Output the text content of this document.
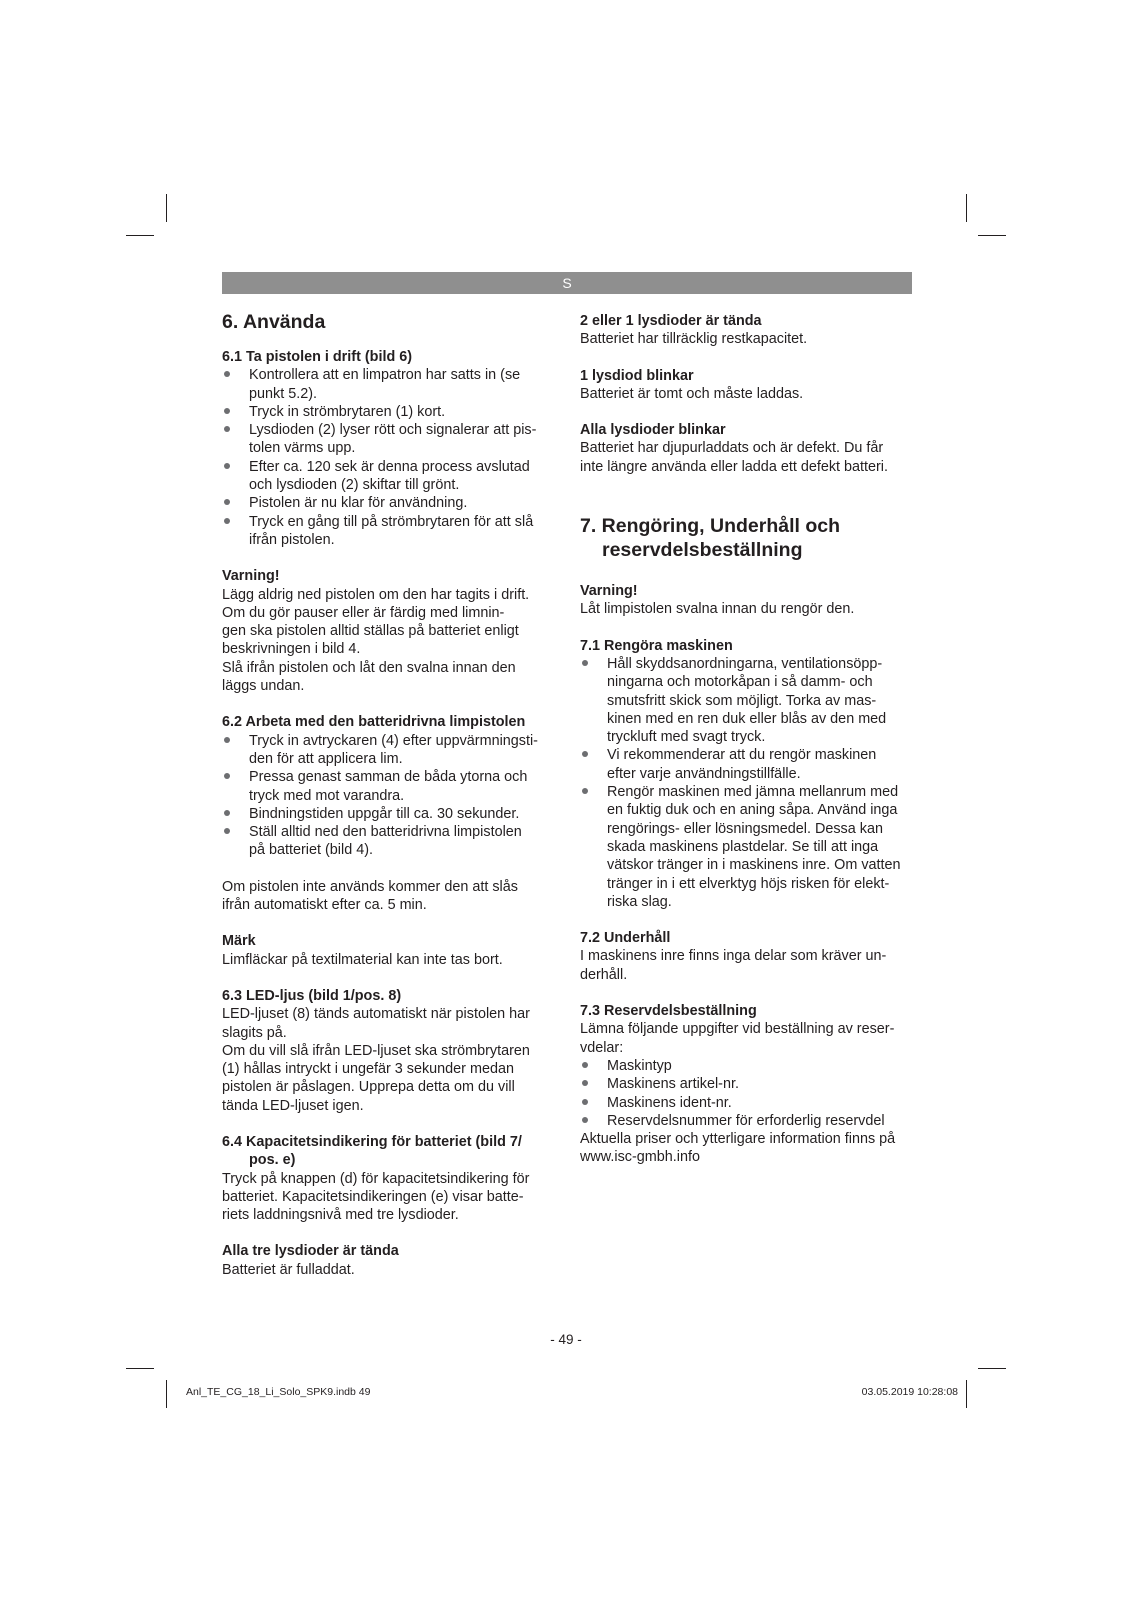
S
6. Använda
6.1 Ta pistolen i drift (bild 6)
Kontrollera att en limpatron har satts in (se
punkt 5.2).
Tryck in strömbrytaren (1) kort.
Lysdioden (2) lyser rött och signalerar att pis-
tolen värms upp.
Efter ca. 120 sek är denna process avslutad
och lysdioden (2) skiftar till grönt.
Pistolen är nu klar för användning.
Tryck en gång till på strömbrytaren för att slå
ifrån pistolen.
Varning!

Lägg aldrig ned pistolen om den har tagits i drift.
Om du gör pauser eller är färdig med limnin-
gen ska pistolen alltid ställas på batteriet enligt
beskrivningen i bild 4.
Slå ifrån pistolen och låt den svalna innan den
läggs undan.

6.2 Arbeta med den batteridrivna limpistolen
Tryck in avtryckaren (4) efter uppvärmningsti-
den för att applicera lim.
Pressa genast samman de båda ytorna och
tryck med mot varandra.
Bindningstiden uppgår till ca. 30 sekunder.
Ställ alltid ned den batteridrivna limpistolen
på batteriet (bild 4).

Om pistolen inte används kommer den att slås
ifrån automatiskt efter ca. 5 min.

Märk

Limfläckar på textilmaterial kan inte tas bort.

6.3 LED-ljus (bild 1/pos. 8)

LED-ljuset (8) tänds automatiskt när pistolen har
slagits på.
Om du vill slå ifrån LED-ljuset ska strömbrytaren
(1) hållas intryckt i ungefär 3 sekunder medan
pistolen är påslagen. Upprepa detta om du vill
tända LED-ljuset igen.

6.4 Kapacitetsindikering för batteriet (bild 7/
pos. e)

Tryck på knappen (d) för kapacitetsindikering för
batteriet. Kapacitetsindikeringen (e) visar batte-
riets laddningsnivå med tre lysdioder.

Alla tre lysdioder är tända

Batteriet är fulladdat.

2 eller 1 lysdioder är tända

Batteriet har tillräcklig restkapacitet.

1 lysdiod blinkar

Batteriet är tomt och måste laddas.

Alla lysdioder blinkar

Batteriet har djupurladdats och är defekt. Du får
inte längre använda eller ladda ett defekt batteri.

7. Rengöring, Underhåll och
reservdelsbeställning
Varning!

Låt limpistolen svalna innan du rengör den.

7.1 Rengöra maskinen
Håll skyddsanordningarna, ventilationsöpp-
ningarna och motorkåpan i så damm- och
smutsfritt skick som möjligt. Torka av mas-
kinen med en ren duk eller blås av den med
tryckluft med svagt tryck.
Vi rekommenderar att du rengör maskinen
efter varje användningstillfälle.
Rengör maskinen med jämna mellanrum med
en fuktig duk och en aning såpa. Använd inga
rengörings- eller lösningsmedel. Dessa kan
skada maskinens plastdelar. Se till att inga
vätskor tränger in i maskinens inre. Om vatten
tränger in i ett elverktyg höjs risken för elekt-
riska slag.
7.2 Underhåll

I maskinens inre finns inga delar som kräver un-
derhåll.

7.3 Reservdelsbeställning

Lämna följande uppgifter vid beställning av reser-
vdelar:

Maskintyp
Maskinens artikel-nr.
Maskinens ident-nr.
Reservdelsnummer för erforderlig reservdel

Aktuella priser och ytterligare information finns på
www.isc-gmbh.info

- 49 -
Anl_TE_CG_18_Li_Solo_SPK9.indb 49	03.05.2019 10:28:08
